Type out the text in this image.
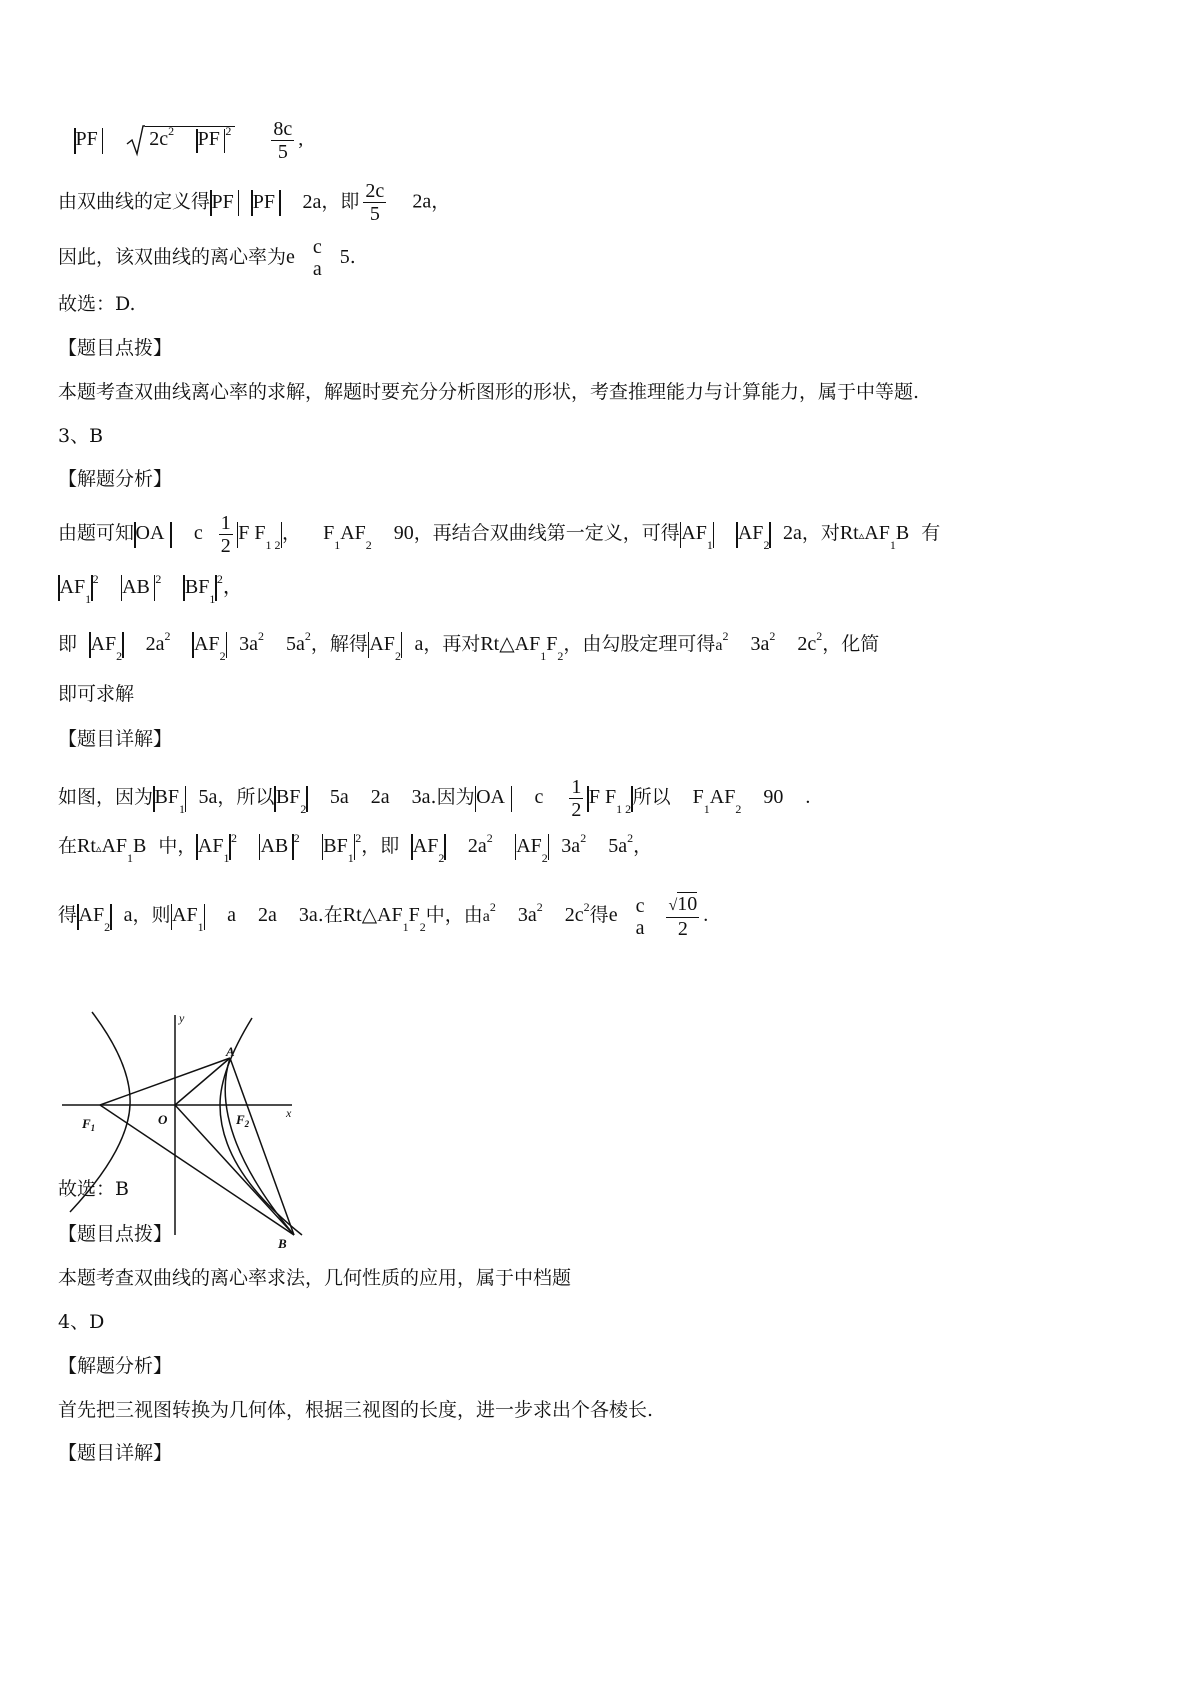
PF	$2c^2$ PF $^2 \frac{8c}{5}$ ,
由双曲线的定义得PF PF 2a，即 $\frac{2c}{5} 2a$，
因此，该双曲线的离心率为e c
a
5.
故选：D.
【题目点拨】
本题考查双曲线离心率的求解，解题时要充分分析图形的形状，考查推理能力与计算能力，属于中等题.
3、B
【解题分析】
由题可知OA c $\frac{1}{2}$ F $F_{1 2}$， $F_1AF_290$，再结合双曲线第一定义，可得$AF_1AF_22a$，对$Rt▵AF_1B$ 有
$AF_1^2$ AB $^2$ $BF_1^2$，
即 $AF_22a^2$ $AF_23a^2$ $5a^2$，解得$AF_2a$，再对$Rt\triangle AF_1F_2$，由勾股定理可得$a^2$ $3a^2$ $2c^2$，化简
即可求解
【题目详解】
如图，因为$BF_15a$，所以$BF_25a$ 2a 3a.因为OA c $\frac{1}{2}$ F $F_{1 2}$所以 $F_1AF_290$ .
在$Rt▵AF_1B$ 中，$AF_1^2$ AB $^2$ $BF_1^2$，即 $AF_22a^2$ $AF_23a^2$ $5a^2$，
得$AF_2a$，则$AF_1a$ 2a 3a.在$Rt\triangle AF_1F_2$中，由$a^2$ $3a^2$ $2c^2$得e c
a $\frac{√10}{2}$ .
y
x
O
A
B
$F_1$
$F_2$
故选：B
【题目点拨】
本题考查双曲线的离心率求法，几何性质的应用，属于中档题
4、D
【解题分析】
首先把三视图转换为几何体，根据三视图的长度，进一步求出个各棱长.
【题目详解】
